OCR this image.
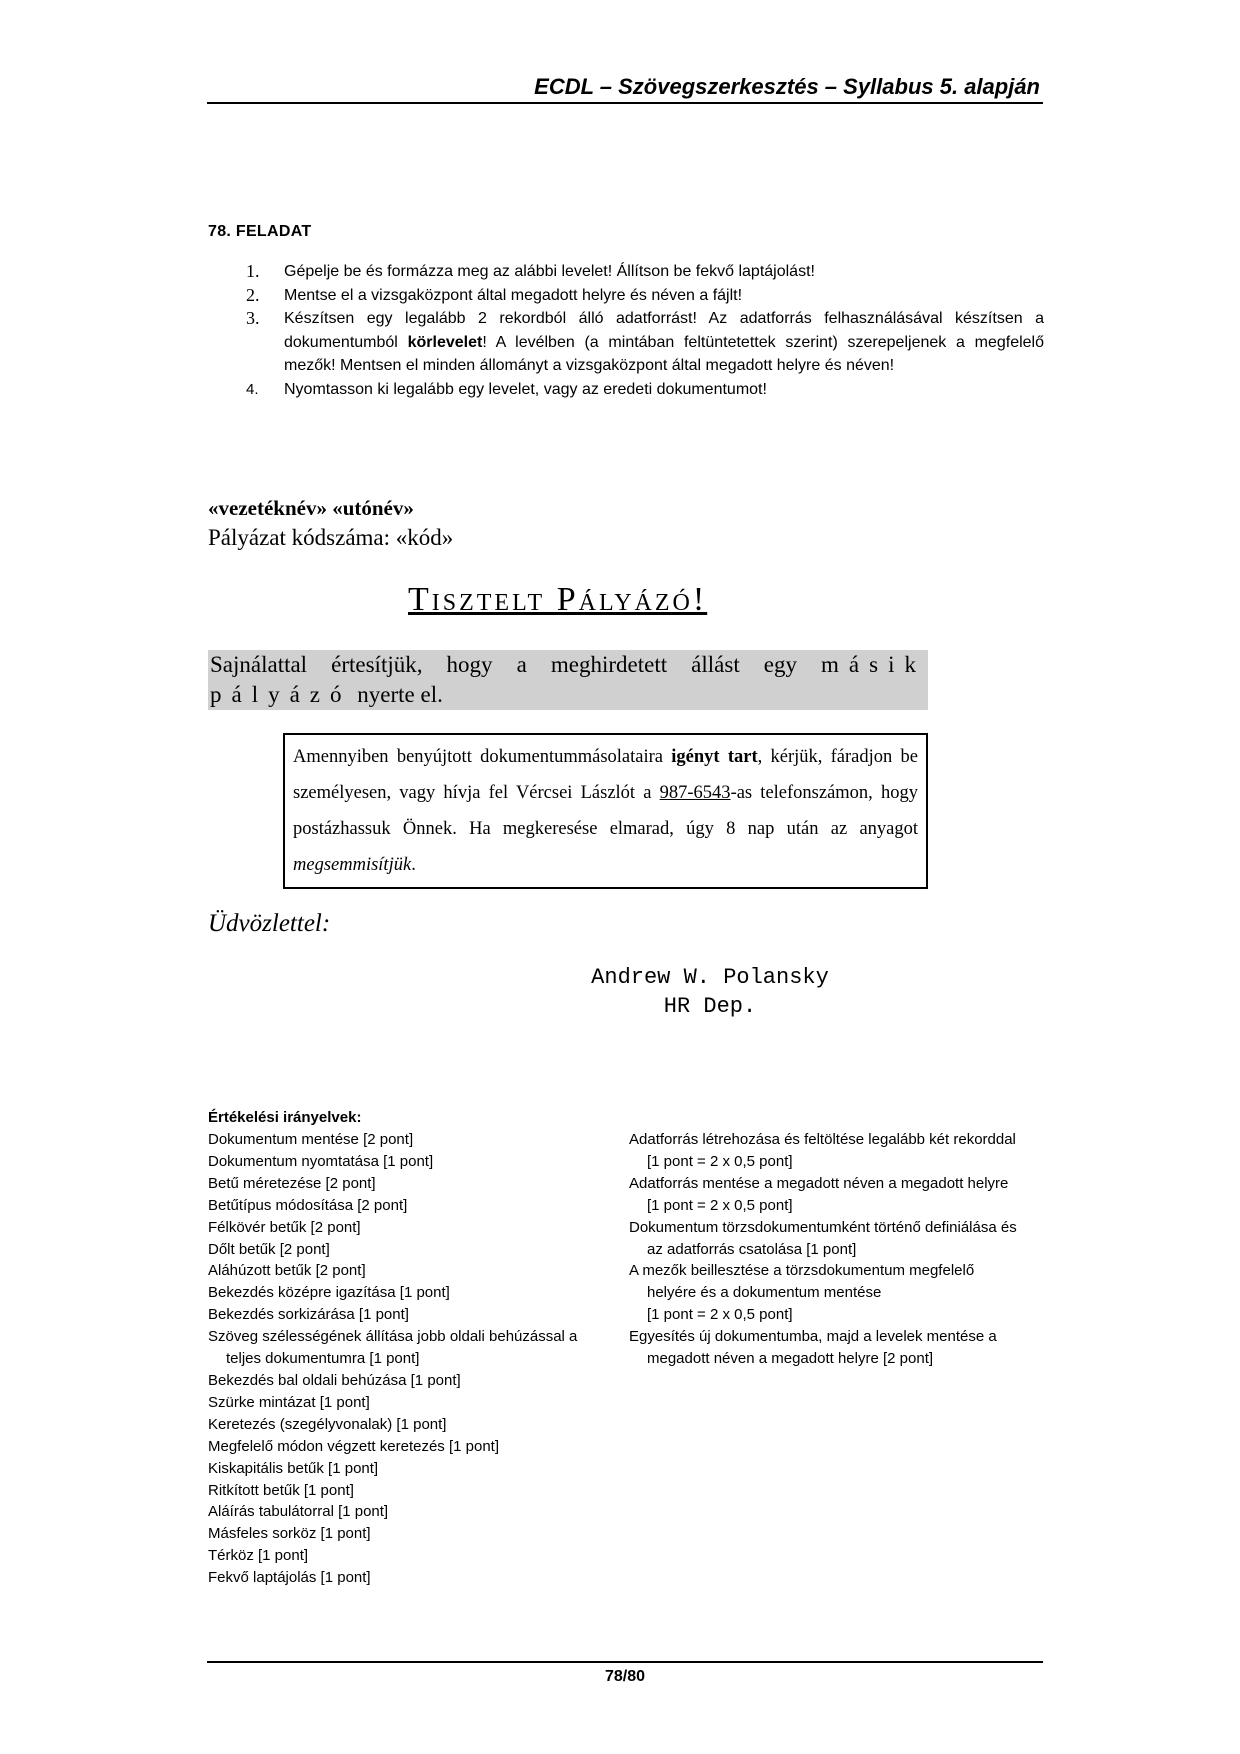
ECDL – Szövegszerkesztés – Syllabus 5. alapján
78. FELADAT
1.	Gépelje be és formázza meg az alábbi levelet! Állítson be fekvő laptájolást!
2.	Mentse el a vizsgaközpont által megadott helyre és néven a fájlt!
3.	Készítsen egy legalább 2 rekordból álló adatforrást! Az adatforrás felhasználásával készítsen a dokumentumból körlevelet! A levélben (a mintában feltüntetettek szerint) szerepeljenek a megfelelő mezők! Mentsen el minden állományt a vizsgaközpont által megadott helyre és néven!
4.	Nyomtasson ki legalább egy levelet, vagy az eredeti dokumentumot!
«vezetéknév» «utónév»
Pályázat kódszáma: «kód»
Tisztelt Pályázó!
Sajnálattal értesítjük, hogy a meghirdetett állást egy másik pályázó nyerte el.
Amennyiben benyújtott dokumentummásolataira igényt tart, kérjük, fáradjon be személyesen, vagy hívja fel Vércsei Lászlót a 987-6543-as telefonszámon, hogy postázhassuk Önnek. Ha megkeresése elmarad, úgy 8 nap után az anyagot megsemmisítjük.
Üdvözlettel:
Andrew W. Polansky
HR Dep.
Értékelési irányelvek:
Dokumentum mentése [2 pont]
Dokumentum nyomtatása [1 pont]
Betű méretezése [2 pont]
Betűtípus módosítása [2 pont]
Félkövér betűk [2 pont]
Dőlt betűk [2 pont]
Aláhúzott betűk [2 pont]
Bekezdés középre igazítása [1 pont]
Bekezdés sorkizárása [1 pont]
Szöveg szélességének állítása jobb oldali behúzással a
teljes dokumentumra [1 pont]
Bekezdés bal oldali behúzása [1 pont]
Szürke mintázat [1 pont]
Keretezés (szegélyvonalak) [1 pont]
Megfelelő módon végzett keretezés [1 pont]
Kiskapitális betűk [1 pont]
Ritkított betűk [1 pont]
Aláírás tabulátorral [1 pont]
Másfeles sorköz [1 pont]
Térköz [1 pont]
Fekvő laptájolás [1 pont]
Adatforrás létrehozása és feltöltése legalább két rekorddal
[1 pont = 2 x 0,5 pont]
Adatforrás mentése a megadott néven a megadott helyre
[1 pont = 2 x 0,5 pont]
Dokumentum törzsdokumentumként történő definiálása és
az adatforrás csatolása [1 pont]
A mezők beillesztése a törzsdokumentum megfelelő
helyére és a dokumentum mentése
[1 pont = 2 x 0,5 pont]
Egyesítés új dokumentumba, majd a levelek mentése a
megadott néven a megadott helyre [2 pont]
78/80
